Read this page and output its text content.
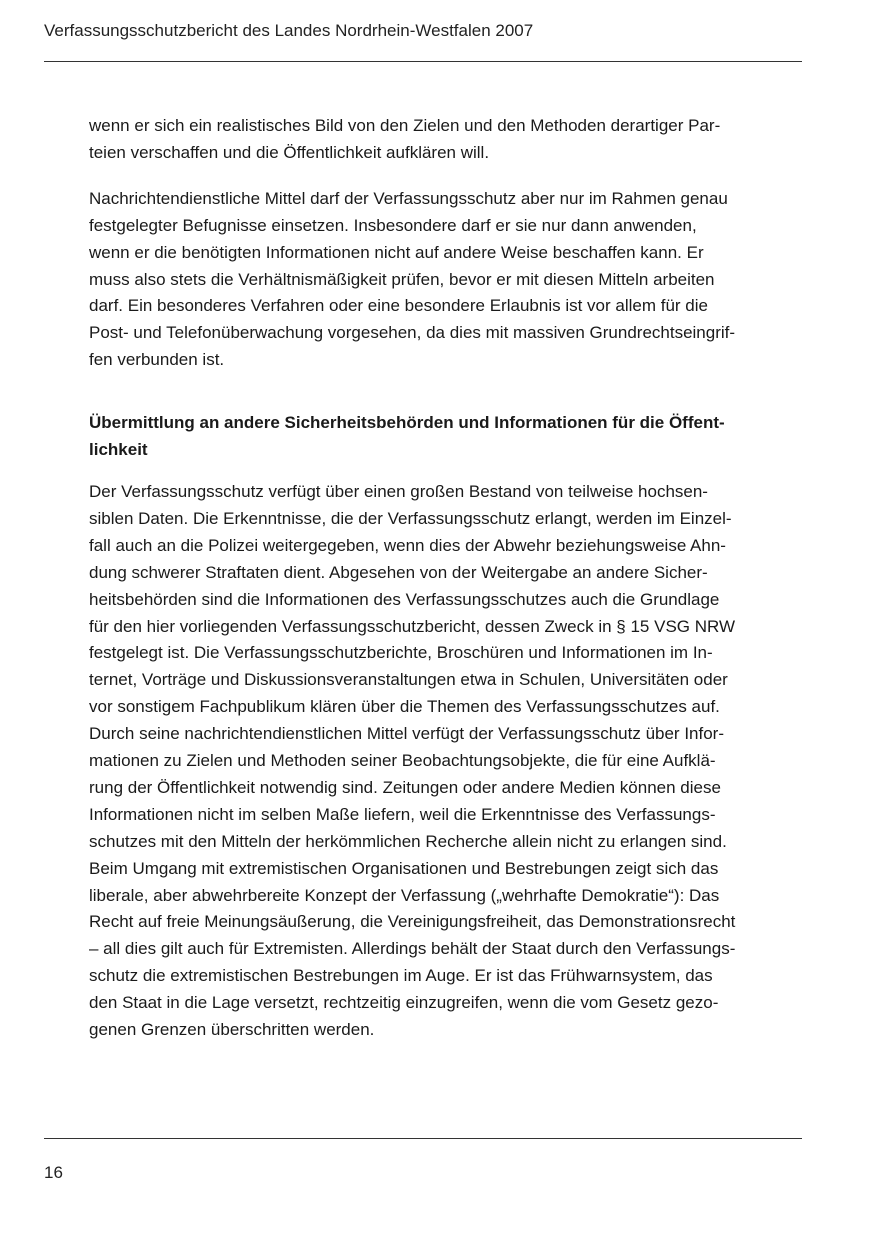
Verfassungsschutzbericht des Landes Nordrhein-Westfalen 2007
wenn er sich ein realistisches Bild von den Zielen und den Methoden derartiger Par-
teien verschaffen und die Öffentlichkeit aufklären will.
Nachrichtendienstliche Mittel darf der Verfassungsschutz aber nur im Rahmen genau
festgelegter Befugnisse einsetzen. Insbesondere darf er sie nur dann anwenden,
wenn er die benötigten Informationen nicht auf andere Weise beschaffen kann. Er
muss also stets die Verhältnismäßigkeit prüfen, bevor er mit diesen Mitteln arbeiten
darf. Ein besonderes Verfahren oder eine besondere Erlaubnis ist vor allem für die
Post- und Telefonüberwachung vorgesehen, da dies mit massiven Grundrechtseingrif-
fen verbunden ist.
Übermittlung an andere Sicherheitsbehörden und Informationen für die Öffent-
lichkeit
Der Verfassungsschutz verfügt über einen großen Bestand von teilweise hochsen-
siblen Daten. Die Erkenntnisse, die der Verfassungsschutz erlangt, werden im Einzel-
fall auch an die Polizei weitergegeben, wenn dies der Abwehr beziehungsweise Ahn-
dung schwerer Straftaten dient. Abgesehen von der Weitergabe an andere Sicher-
heitsbehörden sind die Informationen des Verfassungsschutzes auch die Grundlage
für den hier vorliegenden Verfassungsschutzbericht, dessen Zweck in § 15 VSG NRW
festgelegt ist. Die Verfassungsschutzberichte, Broschüren und Informationen im In-
ternet, Vorträge und Diskussionsveranstaltungen etwa in Schulen, Universitäten oder
vor sonstigem Fachpublikum klären über die Themen des Verfassungsschutzes auf.
Durch seine nachrichtendienstlichen Mittel verfügt der Verfassungsschutz über Infor-
mationen zu Zielen und Methoden seiner Beobachtungsobjekte, die für eine Aufklä-
rung der Öffentlichkeit notwendig sind. Zeitungen oder andere Medien können diese
Informationen nicht im selben Maße liefern, weil die Erkenntnisse des Verfassungs-
schutzes mit den Mitteln der herkömmlichen Recherche allein nicht zu erlangen sind.
Beim Umgang mit extremistischen Organisationen und Bestrebungen zeigt sich das
liberale, aber abwehrbereite Konzept der Verfassung („wehrhafte Demokratie“): Das
Recht auf freie Meinungsäußerung, die Vereinigungsfreiheit, das Demonstrationsrecht
– all dies gilt auch für Extremisten. Allerdings behält der Staat durch den Verfassungs-
schutz die extremistischen Bestrebungen im Auge. Er ist das Frühwarnsystem, das
den Staat in die Lage versetzt, rechtzeitig einzugreifen, wenn die vom Gesetz gezo-
genen Grenzen überschritten werden.
16
